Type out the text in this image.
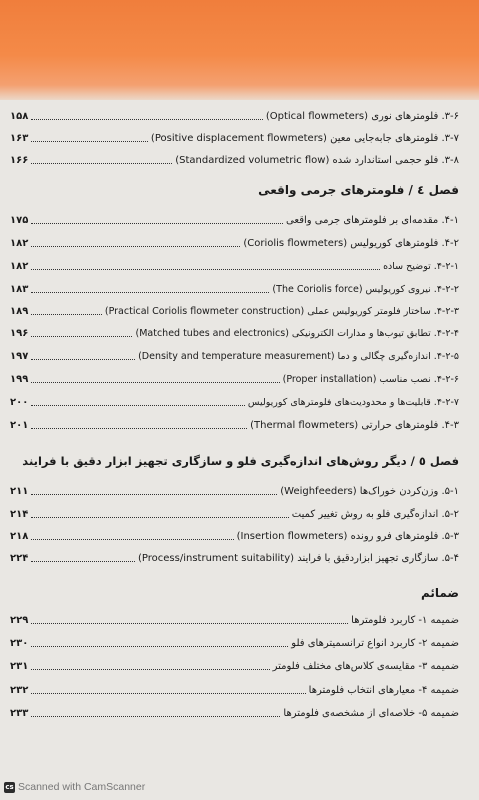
۳-۶. فلومترهای نوری (Optical flowmeters)
۱۵۸
۳-۷. فلومترهای جابه‌جایی معین (Positive displacement flowmeters)
۱۶۳
۳-۸. فلو حجمی استاندارد شده (Standardized volumetric flow)
۱۶۶
فصل ٤ / فلومترهای جرمی واقعی
۴-۱. مقدمه‌ای بر فلومترهای جرمی واقعی
۱۷۵
۴-۲. فلومترهای کوریولیس (Coriolis flowmeters)
۱۸۲
۴-۲-۱. توضیح ساده
۱۸۲
۴-۲-۲. نیروی کوریولیس (The Coriolis force)
۱۸۳
۴-۲-۳. ساختار فلومتر کوریولیس عملی (Practical Coriolis flowmeter construction)
۱۸۹
۴-۲-۴. تطابق تیوب‌ها و مدارات الکترونیکی (Matched tubes and electronics)
۱۹۶
۴-۲-۵. اندازه‌گیری چگالی و دما (Density and temperature measurement)
۱۹۷
۴-۲-۶. نصب مناسب (Proper installation)
۱۹۹
۴-۲-۷. قابلیت‌ها و محدودیت‌های فلومترهای کوریولیس
۲۰۰
۴-۳. فلومترهای حرارتی (Thermal flowmeters)
۲۰۱
فصل ٥ / دیگر روش‌های اندازه‌گیری فلو و سازگاری تجهیز ابزار دقیق با فرایند
۵-۱. وزن‌کردن خوراک‌ها (Weighfeeders)
۲۱۱
۵-۲. اندازه‌گیری فلو به روش تغییر کمیت
۲۱۴
۵-۳. فلومترهای فرو رونده (Insertion flowmeters)
۲۱۸
۵-۴. سازگاری تجهیز ابزاردقیق با فرایند (Process/instrument suitability)
۲۲۴
ضمائم
ضمیمه ۱- کاربرد فلومترها
۲۲۹
ضمیمه ۲- کاربرد انواع ترانسمیترهای فلو
۲۳۰
ضمیمه ۳- مقایسه‌ی کلاس‌های مختلف فلومتر
۲۳۱
ضمیمه ۴- معیارهای انتخاب فلومترها
۲۳۲
ضمیمه ۵- خلاصه‌ای از مشخصه‌ی فلومترها
۲۳۳
cs Scanned with CamScanner
